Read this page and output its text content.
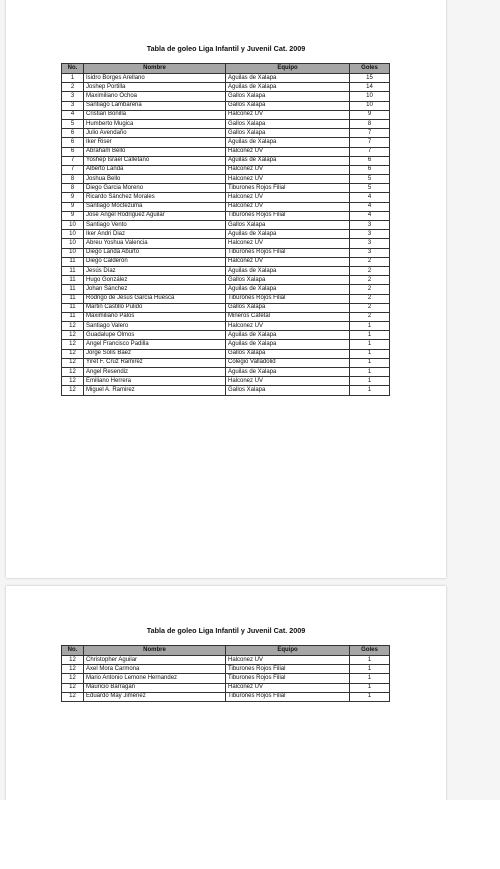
Tabla de goleo Liga Infantil y Juvenil Cat. 2009
No.	Nombre	Equipo	Goles
1	Isidro Borges Arellano	Aguilas de Xalapa	15
2	Joshep Portilla	Aguilas de Xalapa	14
3	Maximiliano Ochoa	Gallos Xalapa	10
3	Santiago Lambarena	Gallos Xalapa	10
4	Cristian Bonilla	Halconez UV	9
5	Humberto Mugica	Gallos Xalapa	8
6	Julio Avendaño	Gallos Xalapa	7
6	Iker Riser	Aguilas de Xalapa	7
6	Abraham Bello	Halconez UV	7
7	Yoshep Israel Calletano	Aguilas de Xalapa	6
7	Alberto Landa	Halconez UV	6
8	Joshua Bello	Halconez UV	5
8	Diego Garcia Moreno	Tiburones Rojos Filial	5
9	Ricardo Sánchez Morales	Halconez UV	4
9	Santiago Moctezuma	Halconez UV	4
9	José Ángel Rodriguez Aguilar	Tiburones Rojos Filial	4
10	Santiago Vento	Gallos Xalapa	3
10	Iker Andri Diaz	Aguilas de Xalapa	3
10	Abreu Yoshua Valencia	Halconez UV	3
10	Diego Landa Aburto	Tiburones Rojos Filial	3
11	Diego Calderón	Halconez UV	2
11	Jesús Díaz	Aguilas de Xalapa	2
11	Hugo González	Gallos Xalapa	2
11	Johan Sánchez	Aguilas de Xalapa	2
11	Rodrigo de Jesus García Huesca	Tiburones Rojos Filial	2
11	Martin Castillo Pulido	Gallos Xalapa	2
11	Maximiliano Palos	Mineros Cafetal	2
12	Santiago Valero	Halconez UV	1
12	Guadalupe Olmos	Aguilas de Xalapa	1
12	Angel Francisco Padilla	Aguilas de Xalapa	1
12	Jorge Solis Baez	Gallos Xalapa	1
12	Yiret F. Cruz Ramirez	Colegio Valladolid	1
12	Angel Resendiz	Aguilas de Xalapa	1
12	Emiliano Herrera	Halconez UV	1
12	Miguel A. Ramirez	Gallos Xalapa	1
Tabla de goleo Liga Infantil y Juvenil Cat. 2009
No.	Nombre	Equipo	Goles
12	Christopher Aguilar	Halconez UV	1
12	Axel Mora Carmona	Tiburones Rojos Filial	1
12	Mario Antonio Lemone Hernandez	Tiburones Rojos Filial	1
12	Mauricio Barragan	Halconez UV	1
12	Eduardo May Jiménez	Tiburones Rojos Filial	1
